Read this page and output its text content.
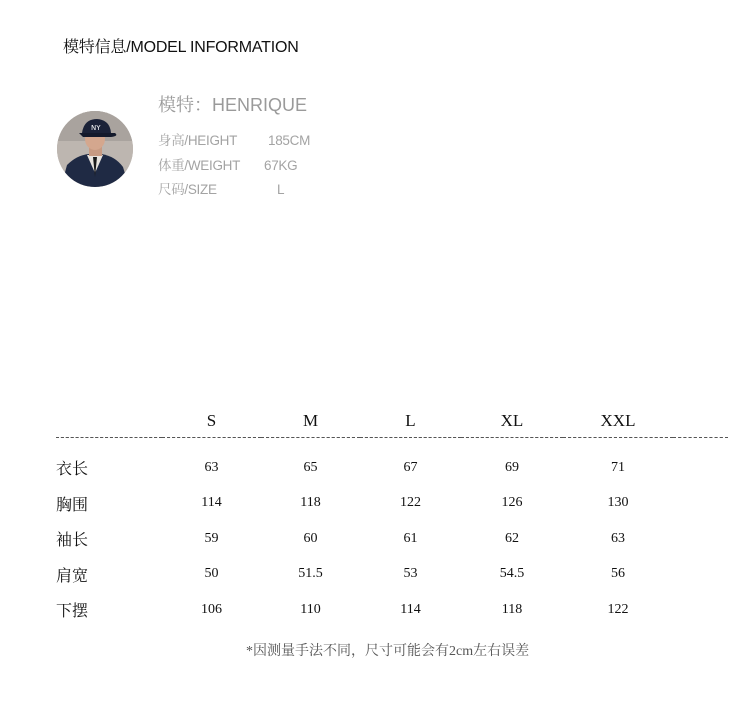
模特信息/MODEL INFORMATION
NY
模特：HENRIQUE
身高/HEIGHT 185CM
体重/WEIGHT 67KG
尺码/SIZE	L
	S	M	L	XL	XXL	
衣长	63	65	67	69	71	
胸围	114	118	122	126	130	
袖长	59	60	61	62	63	
肩宽	50	51.5	53	54.5	56	
下摆	106	110	114	118	122	
*因测量手法不同，尺寸可能会有2cm左右误差
